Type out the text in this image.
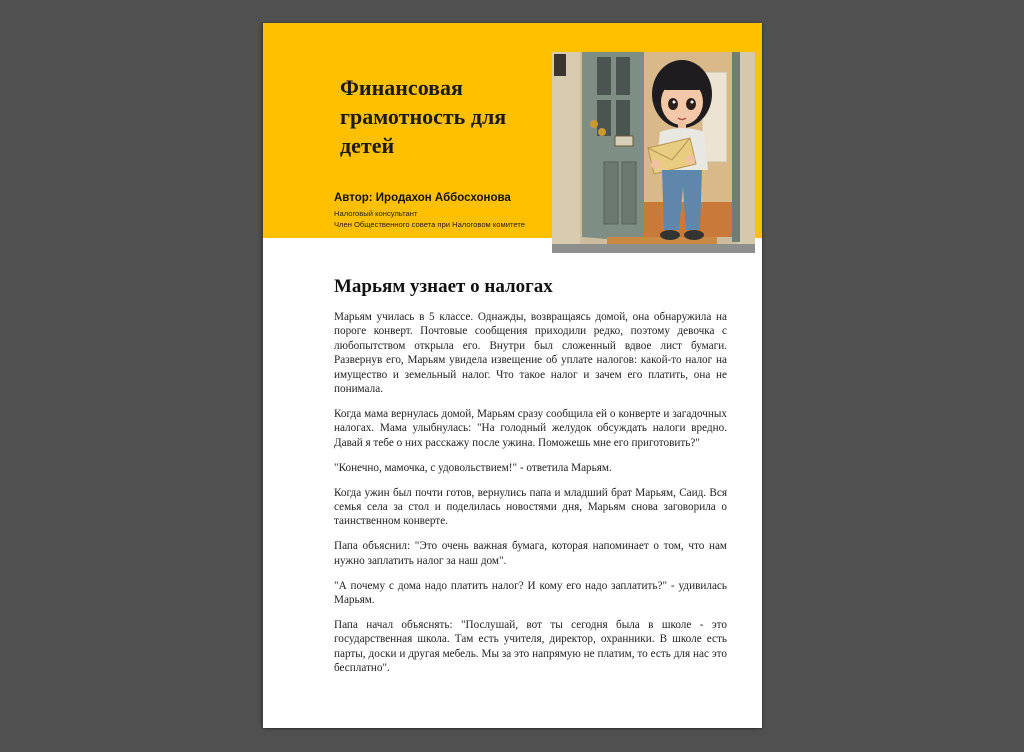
Финансовая грамотность для детей
Автор: Иродахон Аббосхонова
Налоговый консультант
Член Общественного совета при Налоговом комитете
Марьям узнает о налогах

Марьям училась в 5 классе. Однажды, возвращаясь домой, она обнаружила на пороге конверт. Почтовые сообщения приходили редко, поэтому девочка с любопытством открыла его. Внутри был сложенный вдвое лист бумаги. Развернув его, Марьям увидела извещение об уплате налогов: какой-то налог на имущество и земельный налог. Что такое налог и зачем его платить, она не понимала.

Когда мама вернулась домой, Марьям сразу сообщила ей о конверте и загадочных налогах. Мама улыбнулась: "На голодный желудок обсуждать налоги вредно. Давай я тебе о них расскажу после ужина. Поможешь мне его приготовить?"

"Конечно, мамочка, с удовольствием!" - ответила Марьям.

Когда ужин был почти готов, вернулись папа и младший брат Марьям, Саид. Вся семья села за стол и поделилась новостями дня, Марьям снова заговорила о таинственном конверте.

Папа объяснил: "Это очень важная бумага, которая напоминает о том, что нам нужно заплатить налог за наш дом".

"А почему с дома надо платить налог? И кому его надо заплатить?" - удивилась Марьям.

Папа начал объяснять: "Послушай, вот ты сегодня была в школе - это государственная школа. Там есть учителя, директор, охранники. В школе есть парты, доски и другая мебель. Мы за это напрямую не платим, то есть для нас это бесплатно".
